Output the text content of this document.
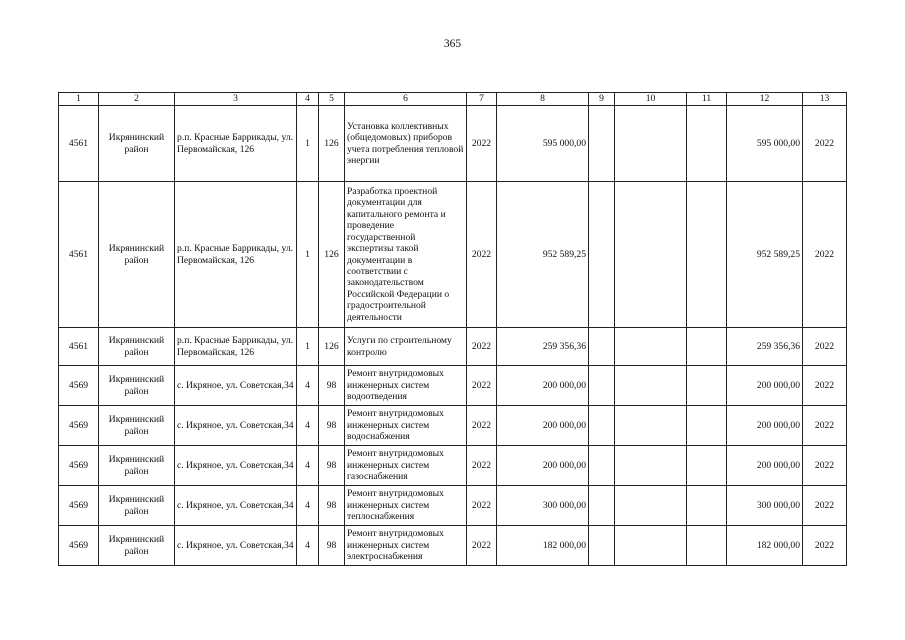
365
1	2	3	4	5	6	7	8	9	10	11	12	13
4561	Икрянинский район	р.п. Красные Баррикады, ул. Первомайская, 126	1	126	Установка коллективных (общедомовых) приборов учета потребления тепловой энергии	2022	595 000,00				595 000,00	2022
4561	Икрянинский район	р.п. Красные Баррикады, ул. Первомайская, 126	1	126	Разработка проектной документации для капитального ремонта и проведение государственной экспертизы такой документации в соответствии с законодательством Российской Федерации о градостроительной деятельности	2022	952 589,25				952 589,25	2022
4561	Икрянинский район	р.п. Красные Баррикады, ул. Первомайская, 126	1	126	Услуги по строительному контролю	2022	259 356,36				259 356,36	2022
4569	Икрянинский район	с. Икряное, ул. Советская,34	4	98	Ремонт внутридомовых инженерных систем водоотведения	2022	200 000,00				200 000,00	2022
4569	Икрянинский район	с. Икряное, ул. Советская,34	4	98	Ремонт внутридомовых инженерных систем водоснабжения	2022	200 000,00				200 000,00	2022
4569	Икрянинский район	с. Икряное, ул. Советская,34	4	98	Ремонт внутридомовых инженерных систем газоснабжения	2022	200 000,00				200 000,00	2022
4569	Икрянинский район	с. Икряное, ул. Советская,34	4	98	Ремонт внутридомовых инженерных систем теплоснабжения	2022	300 000,00				300 000,00	2022
4569	Икрянинский район	с. Икряное, ул. Советская,34	4	98	Ремонт внутридомовых инженерных систем электроснабжения	2022	182 000,00				182 000,00	2022
